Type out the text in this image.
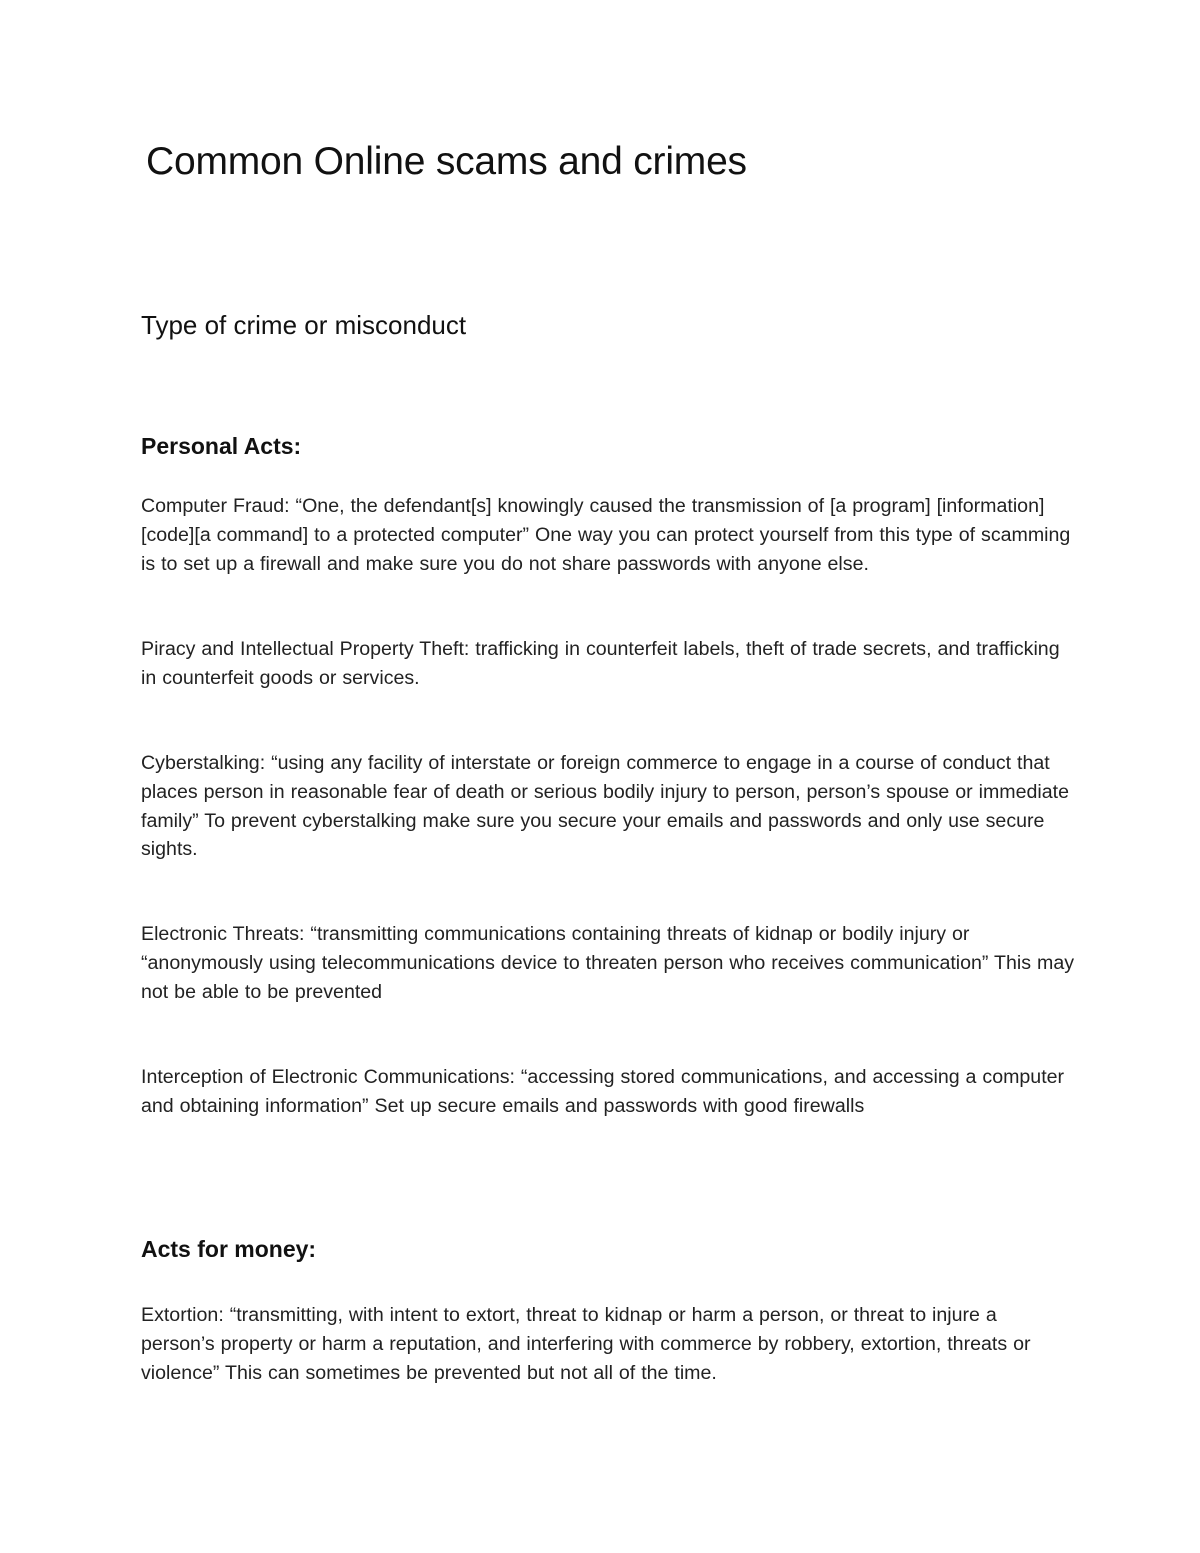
Common Online scams and crimes
Type of crime or misconduct
Personal Acts:

Computer Fraud: “One, the defendant[s] knowingly caused the transmission of [a program] [information][code][a command] to a protected computer” One way you can protect yourself from this type of scamming is to set up a firewall and make sure you do not share passwords with anyone else.

Piracy and Intellectual Property Theft: trafficking in counterfeit labels, theft of trade secrets, and trafficking in counterfeit goods or services.

Cyberstalking: “using any facility of interstate or foreign commerce to engage in a course of conduct that places person in reasonable fear of death or serious bodily injury to person, person’s spouse or immediate family” To prevent cyberstalking make sure you secure your emails and passwords and only use secure sights.

Electronic Threats: “transmitting communications containing threats of kidnap or bodily injury or “anonymously using telecommunications device to threaten person who receives communication” This may not be able to be prevented

Interception of Electronic Communications: “accessing stored communications, and accessing a computer and obtaining information” Set up secure emails and passwords with good firewalls

Acts for money:

Extortion: “transmitting, with intent to extort, threat to kidnap or harm a person, or threat to injure a person’s property or harm a reputation, and interfering with commerce by robbery, extortion, threats or violence” This can sometimes be prevented but not all of the time.
